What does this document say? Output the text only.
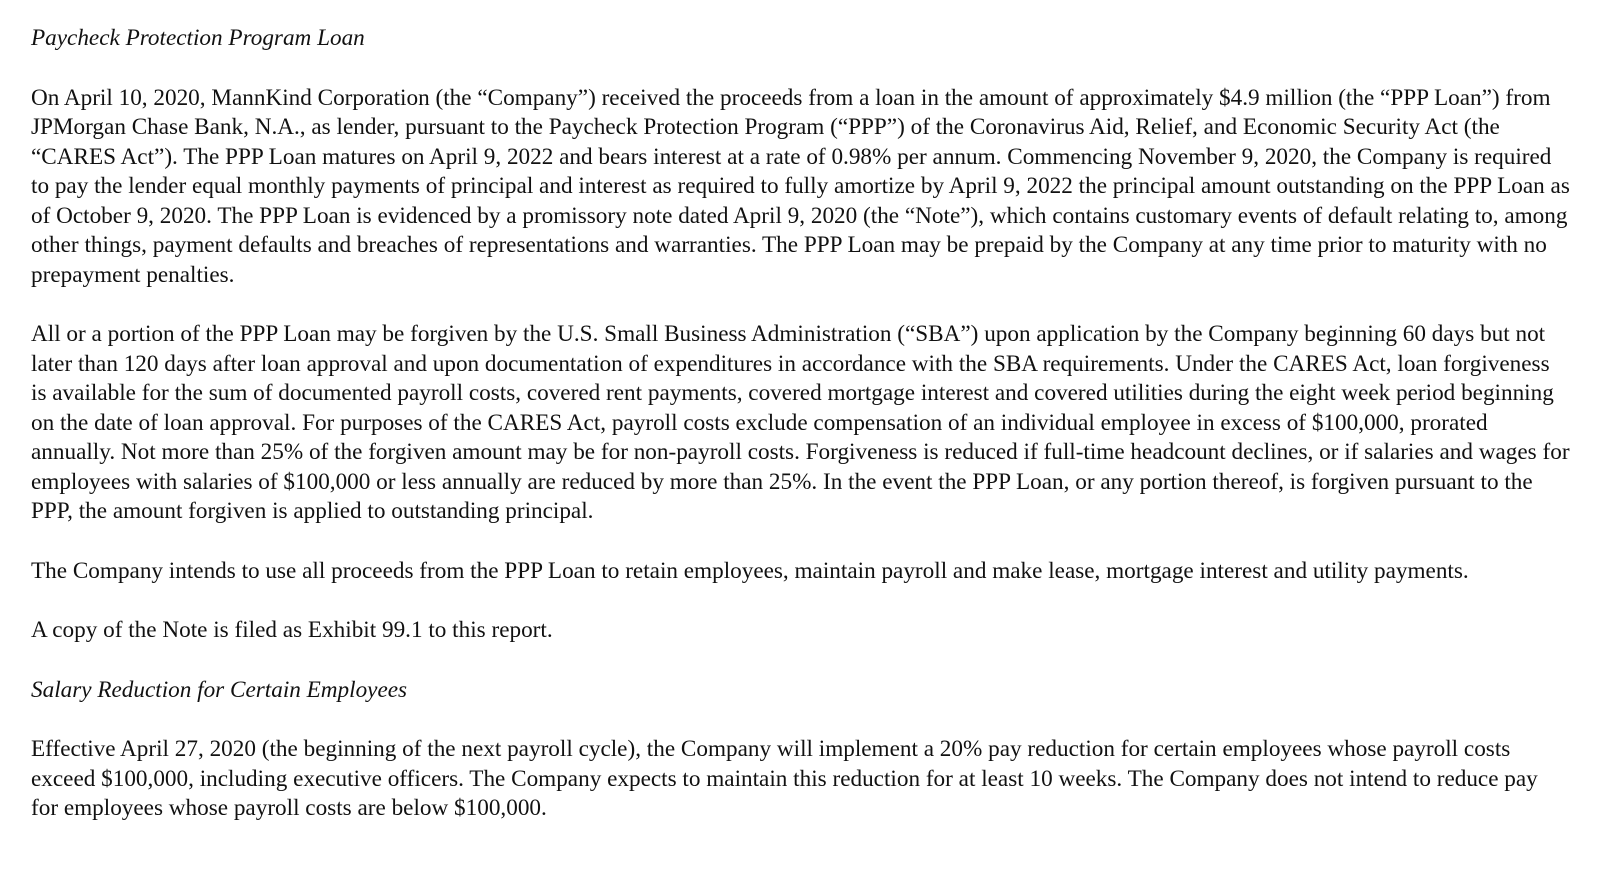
Paycheck Protection Program Loan
On April 10, 2020, MannKind Corporation (the “Company”) received the proceeds from a loan in the amount of approximately $4.9 million (the “PPP Loan”) from JPMorgan Chase Bank, N.A., as lender, pursuant to the Paycheck Protection Program (“PPP”) of the Coronavirus Aid, Relief, and Economic Security Act (the “CARES Act”). The PPP Loan matures on April 9, 2022 and bears interest at a rate of 0.98% per annum. Commencing November 9, 2020, the Company is required to pay the lender equal monthly payments of principal and interest as required to fully amortize by April 9, 2022 the principal amount outstanding on the PPP Loan as of October 9, 2020. The PPP Loan is evidenced by a promissory note dated April 9, 2020 (the “Note”), which contains customary events of default relating to, among other things, payment defaults and breaches of representations and warranties. The PPP Loan may be prepaid by the Company at any time prior to maturity with no prepayment penalties.
All or a portion of the PPP Loan may be forgiven by the U.S. Small Business Administration (“SBA”) upon application by the Company beginning 60 days but not later than 120 days after loan approval and upon documentation of expenditures in accordance with the SBA requirements. Under the CARES Act, loan forgiveness is available for the sum of documented payroll costs, covered rent payments, covered mortgage interest and covered utilities during the eight week period beginning on the date of loan approval. For purposes of the CARES Act, payroll costs exclude compensation of an individual employee in excess of $100,000, prorated annually. Not more than 25% of the forgiven amount may be for non-payroll costs. Forgiveness is reduced if full-time headcount declines, or if salaries and wages for employees with salaries of $100,000 or less annually are reduced by more than 25%. In the event the PPP Loan, or any portion thereof, is forgiven pursuant to the PPP, the amount forgiven is applied to outstanding principal.
The Company intends to use all proceeds from the PPP Loan to retain employees, maintain payroll and make lease, mortgage interest and utility payments.
A copy of the Note is filed as Exhibit 99.1 to this report.
Salary Reduction for Certain Employees
Effective April 27, 2020 (the beginning of the next payroll cycle), the Company will implement a 20% pay reduction for certain employees whose payroll costs exceed $100,000, including executive officers. The Company expects to maintain this reduction for at least 10 weeks. The Company does not intend to reduce pay for employees whose payroll costs are below $100,000.
